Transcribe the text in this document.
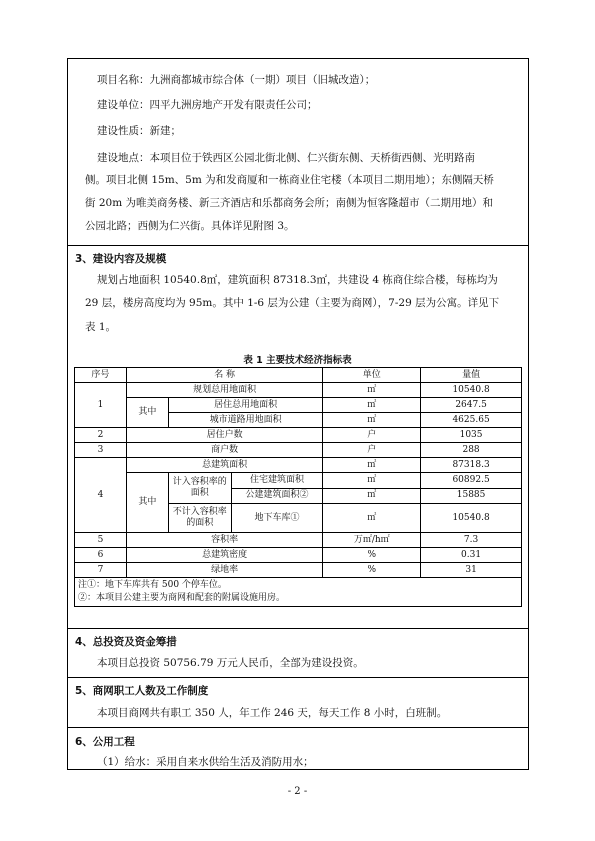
项目名称：九洲商都城市综合体（一期）项目（旧城改造）；
建设单位：四平九洲房地产开发有限责任公司；
建设性质：新建；
建设地点：本项目位于铁西区公园北街北侧、仁兴街东侧、天桥街西侧、光明路南
侧。项目北侧 15m、5m 为和发商厦和一栋商业住宅楼（本项目二期用地）；东侧隔天桥
街 20m 为唯美商务楼、新三齐酒店和乐都商务会所；南侧为恒客隆超市（二期用地）和
公园北路；西侧为仁兴街。具体详见附图 3。
3、建设内容及规模
规划占地面积 10540.8㎡，建筑面积 87318.3㎡，共建设 4 栋商住综合楼，每栋均为
29 层，楼房高度均为 95m。其中 1-6 层为公建（主要为商网），7-29 层为公寓。详见下
表 1。
表 1 主要技术经济指标表
序号	名 称			单位	量值
1	规划总用地面积			㎡	10540.8
	其中	居住总用地面积		㎡	2647.5
		城市道路用地面积		㎡	4625.65
2	居住户数			户	1035
3	商户数			户	288
4	总建筑面积			㎡	87318.3
	其中	计入容积率的面积	住宅建筑面积	㎡	60892.5
			公建建筑面积②	㎡	15885
		不计入容积率的面积	地下车库①	㎡	10540.8
5	容积率			万㎡/h㎡	7.3
6	总建筑密度			%	0.31
7	绿地率			%	31

注①：地下车库共有 500 个停车位。
②：本项目公建主要为商网和配套的附属设施用房。					
4、总投资及资金筹措
本项目总投资 50756.79 万元人民币，全部为建设投资。
5、商网职工人数及工作制度
本项目商网共有职工 350 人，年工作 246 天，每天工作 8 小时，白班制。
6、公用工程
（1）给水：采用自来水供给生活及消防用水；
- 2 -
